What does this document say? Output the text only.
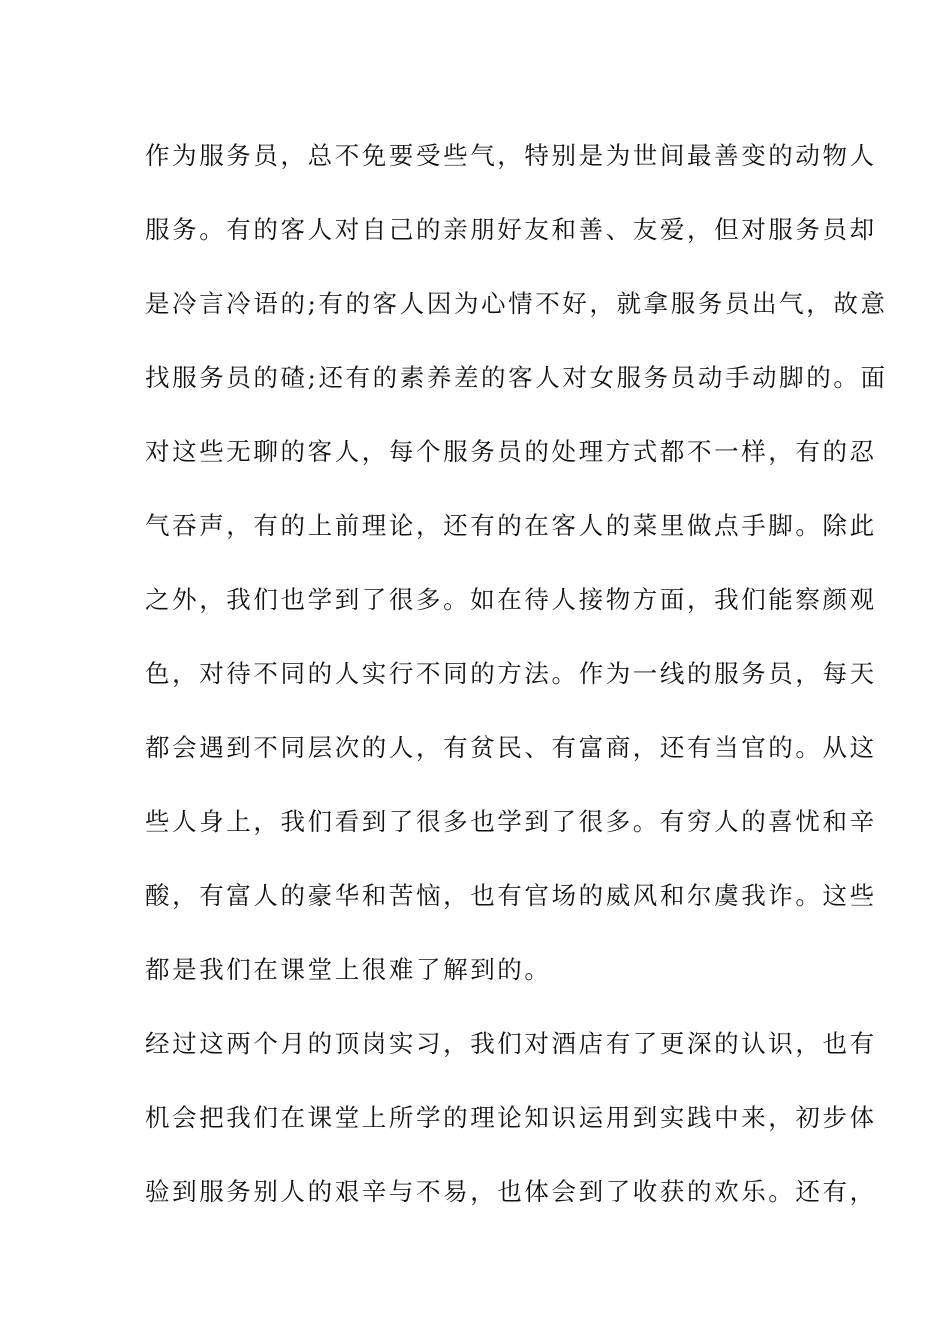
作为服务员，总不免要受些气，特别是为世间最善变的动物人
服务。有的客人对自己的亲朋好友和善、友爱，但对服务员却
是冷言冷语的;有的客人因为心情不好，就拿服务员出气，故意
找服务员的碴;还有的素养差的客人对女服务员动手动脚的。面
对这些无聊的客人，每个服务员的处理方式都不一样，有的忍
气吞声，有的上前理论，还有的在客人的菜里做点手脚。除此
之外，我们也学到了很多。如在待人接物方面，我们能察颜观
色，对待不同的人实行不同的方法。作为一线的服务员，每天
都会遇到不同层次的人，有贫民、有富商，还有当官的。从这
些人身上，我们看到了很多也学到了很多。有穷人的喜忧和辛
酸，有富人的豪华和苦恼，也有官场的威风和尔虞我诈。这些
都是我们在课堂上很难了解到的。
经过这两个月的顶岗实习，我们对酒店有了更深的认识，也有
机会把我们在课堂上所学的理论知识运用到实践中来，初步体
验到服务别人的艰辛与不易，也体会到了收获的欢乐。还有，
